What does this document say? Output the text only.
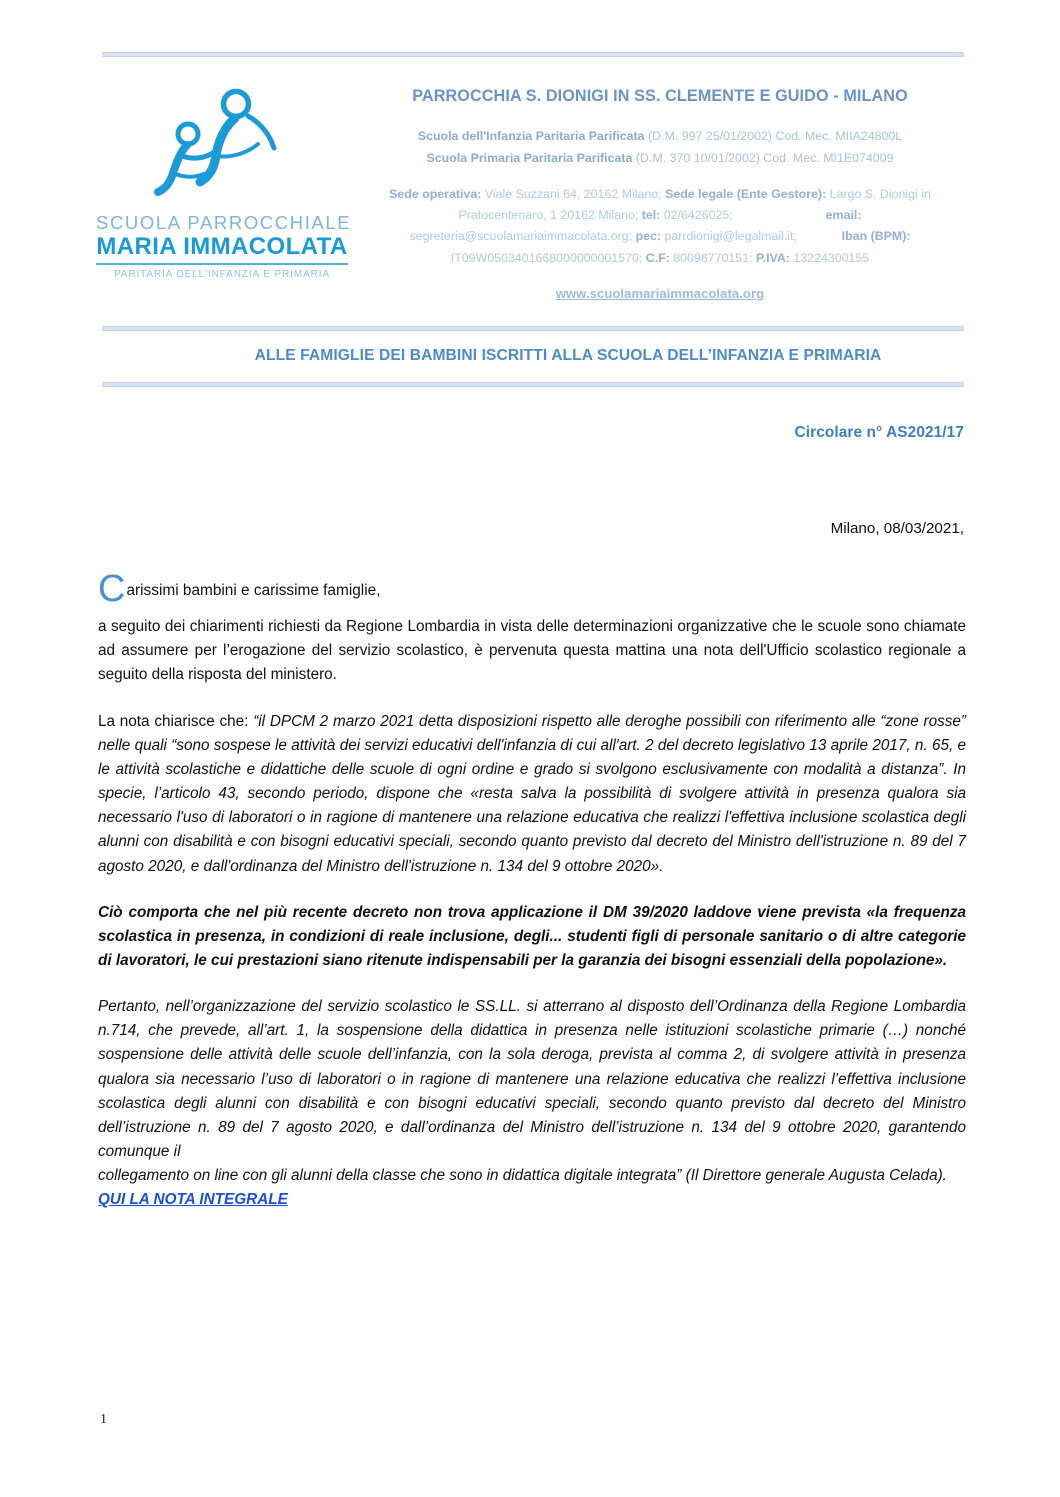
SCUOLA PARROCCHIALE
MARIA IMMACOLATA
PARITARIA DELL'INFANZIA E PRIMARIA
PARROCCHIA S. DIONIGI IN SS. CLEMENTE E GUIDO - MILANO
Scuola dell'Infanzia Paritaria Parificata (D.M. 997 25/01/2002) Cod. Mec. MIIA24800L
Scuola Primaria Paritaria Parificata (D.M. 370 10/01/2002) Cod. Mec. MI1E074009
Sede operativa: Viale Suzzani 64, 20162 Milano; Sede legale (Ente Gestore): Largo S. Dionigi in Pratocentenaro, 1 20162 Milano; tel: 02/6426025;	email: segreteria@scuolamariaimmacolata.org; pec: parrdionigi@legalmail.it;	Iban (BPM): IT09W05034016680000000​01570; C.F: 80098770151; P.IVA: 13224300155
www.scuolamariaimmacolata.org
ALLE FAMIGLIE DEI BAMBINI ISCRITTI ALLA SCUOLA DELL’INFANZIA E PRIMARIA
Circolare n° AS2021/17
Milano, 08/03/2021,
Carissimi bambini e carissime famiglie,

a seguito dei chiarimenti richiesti da Regione Lombardia in vista delle determinazioni organizzative che le scuole sono chiamate ad assumere per l’erogazione del servizio scolastico, è pervenuta questa mattina una nota dell'Ufficio scolastico regionale a seguito della risposta del ministero.

La nota chiarisce che: “il DPCM 2 marzo 2021 detta disposizioni rispetto alle deroghe possibili con riferimento alle “zone rosse” nelle quali “sono sospese le attività dei servizi educativi dell'infanzia di cui all'art. 2 del decreto legislativo 13 aprile 2017, n. 65, e le attività scolastiche e didattiche delle scuole di ogni ordine e grado si svolgono esclusivamente con modalità a distanza”. In specie, l’articolo 43, secondo periodo, dispone che «resta salva la possibilità di svolgere attività in presenza qualora sia necessario l'uso di laboratori o in ragione di mantenere una relazione educativa che realizzi l'effettiva inclusione scolastica degli alunni con disabilità e con bisogni educativi speciali, secondo quanto previsto dal decreto del Ministro dell'istruzione n. 89 del 7 agosto 2020, e dall'ordinanza del Ministro dell'istruzione n. 134 del 9 ottobre 2020».

Ciò comporta che nel più recente decreto non trova applicazione il DM 39/2020 laddove viene prevista «la frequenza scolastica in presenza, in condizioni di reale inclusione, degli... studenti figli di personale sanitario o di altre categorie di lavoratori, le cui prestazioni siano ritenute indispensabili per la garanzia dei bisogni essenziali della popolazione».

Pertanto, nell’organizzazione del servizio scolastico le SS.LL. si atterrano al disposto dell’Ordinanza della Regione Lombardia n.714, che prevede, all’art. 1, la sospensione della didattica in presenza nelle istituzioni scolastiche primarie (…) nonché sospensione delle attività delle scuole dell’infanzia, con la sola deroga, prevista al comma 2, di svolgere attività in presenza qualora sia necessario l’uso di laboratori o in ragione di mantenere una relazione educativa che realizzi l’effettiva inclusione scolastica degli alunni con disabilità e con bisogni educativi speciali, secondo quanto previsto dal decreto del Ministro dell’istruzione n. 89 del 7 agosto 2020, e dall’ordinanza del Ministro dell’istruzione n. 134 del 9 ottobre 2020, garantendo comunque il

collegamento on line con gli alunni della classe che sono in didattica digitale integrata” (Il Direttore generale Augusta Celada). QUI LA NOTA INTEGRALE

1
